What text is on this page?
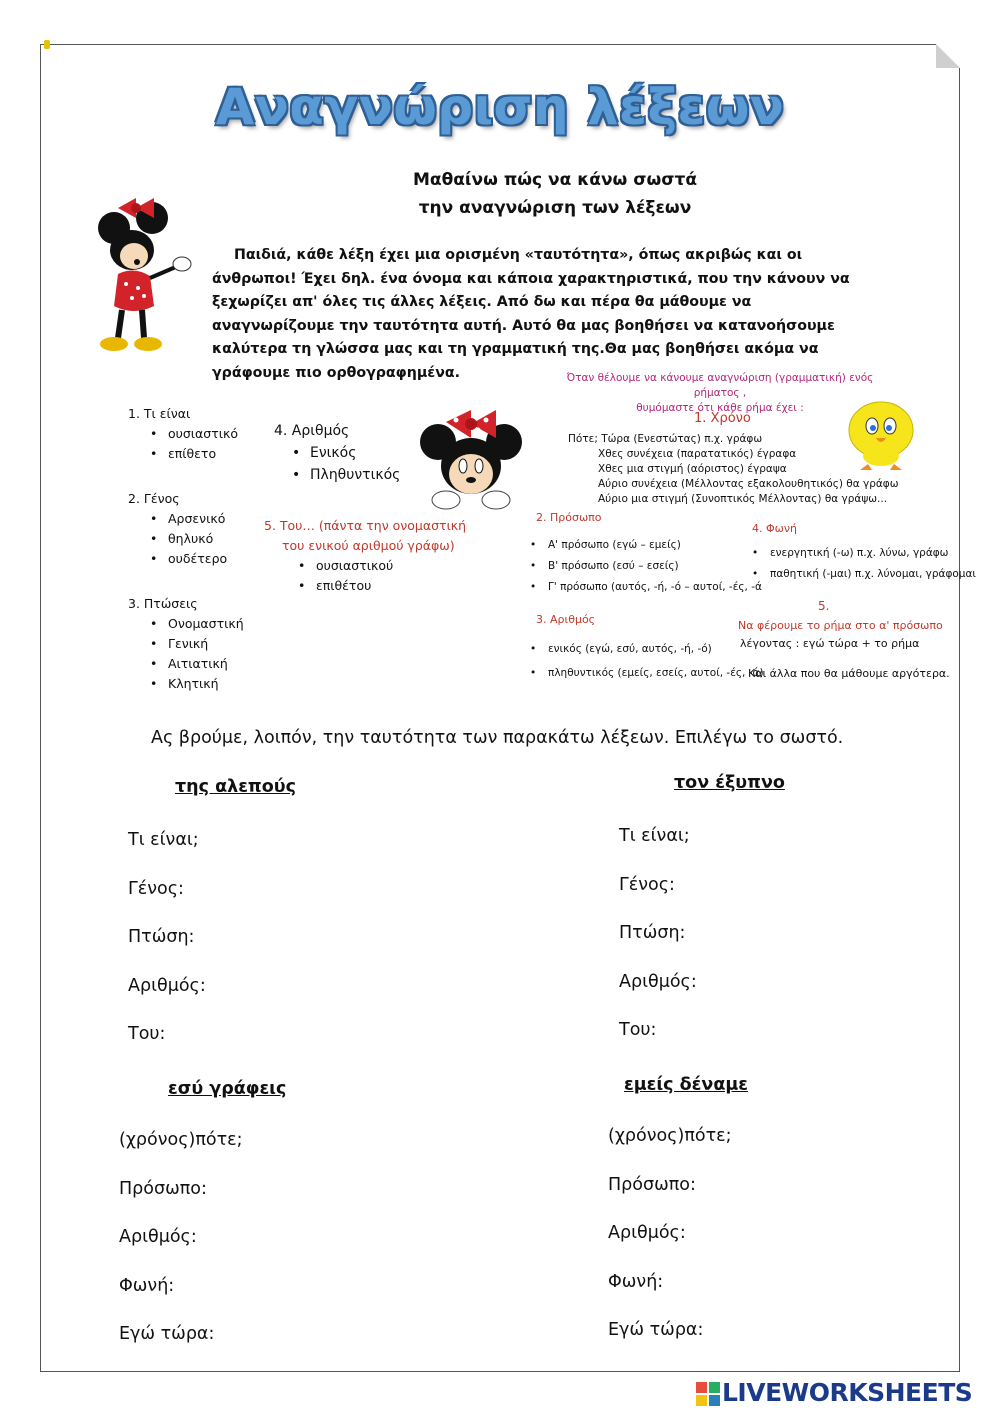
Αναγνώριση λέξεων
Μαθαίνω πώς να κάνω σωστά
την αναγνώριση των λέξεων
Παιδιά, κάθε λέξη έχει μια ορισμένη «ταυτότητα», όπως ακριβώς και οι
άνθρωποι! Έχει δηλ. ένα όνομα και κάποια χαρακτηριστικά, που την κάνουν να
ξεχωρίζει απ' όλες τις άλλες λέξεις. Από δω και πέρα θα μάθουμε να
αναγνωρίζουμε την ταυτότητα αυτή. Αυτό θα μας βοηθήσει να κατανοήσουμε
καλύτερα τη γλώσσα μας και τη γραμματική της.Θα μας βοηθήσει ακόμα να
γράφουμε πιο ορθογραφημένα.
1. Τι είναι
• ουσιαστικό
• επίθετο
2. Γένος
• Αρσενικό
• θηλυκό
• ουδέτερο
3. Πτώσεις
• Ονομαστική
• Γενική
• Αιτιατική
• Κλητική
4. Αριθμός
• Ενικός
• Πληθυντικός
5. Του… (πάντα την ονομαστική
του ενικού αριθμού γράφω)
• ουσιαστικού
• επιθέτου
Όταν θέλουμε να κάνουμε αναγνώριση (γραμματική) ενός ρήματος ,
θυμόμαστε ότι κάθε ρήμα έχει :
1. Χρόνο
Πότε; Τώρα (Ενεστώτας) π.χ. γράφω
Χθες συνέχεια (παρατατικός) έγραφα
Χθες μια στιγμή (αόριστος) έγραψα
Αύριο συνέχεια (Μέλλοντας εξακολουθητικός) θα γράφω
Αύριο μια στιγμή (Συνοπτικός Μέλλοντας) θα γράψω...
2. Πρόσωπο
• Α' πρόσωπο (εγώ – εμείς)
• Β' πρόσωπο (εσύ – εσείς)
• Γ' πρόσωπο (αυτός, -ή, -ό – αυτοί, -ές, -ά
3. Αριθμός
• ενικός (εγώ, εσύ, αυτός, -ή, -ό)
• πληθυντικός (εμείς, εσείς, αυτοί, -ές, -ά)
4. Φωνή
• ενεργητική (-ω) π.χ. λύνω, γράφω
• παθητική (-μαι) π.χ. λύνομαι, γράφομαι
5.
Να φέρουμε το ρήμα στο α' πρόσωπο
λέγοντας : εγώ τώρα + το ρήμα
Και άλλα που θα μάθουμε αργότερα.
Ας βρούμε, λοιπόν, την ταυτότητα των παρακάτω λέξεων. Επιλέγω το σωστό.
της αλεπούς
Τι είναι;
Γένος:
Πτώση:
Αριθμός:
Του:
τον έξυπνο
Τι είναι;
Γένος:
Πτώση:
Αριθμός:
Του:
εσύ γράφεις
(χρόνος)πότε;
Πρόσωπο:
Αριθμός:
Φωνή:
Εγώ τώρα:
εμείς δέναμε
(χρόνος)πότε;
Πρόσωπο:
Αριθμός:
Φωνή:
Εγώ τώρα:
LIVEWORKSHEETS
